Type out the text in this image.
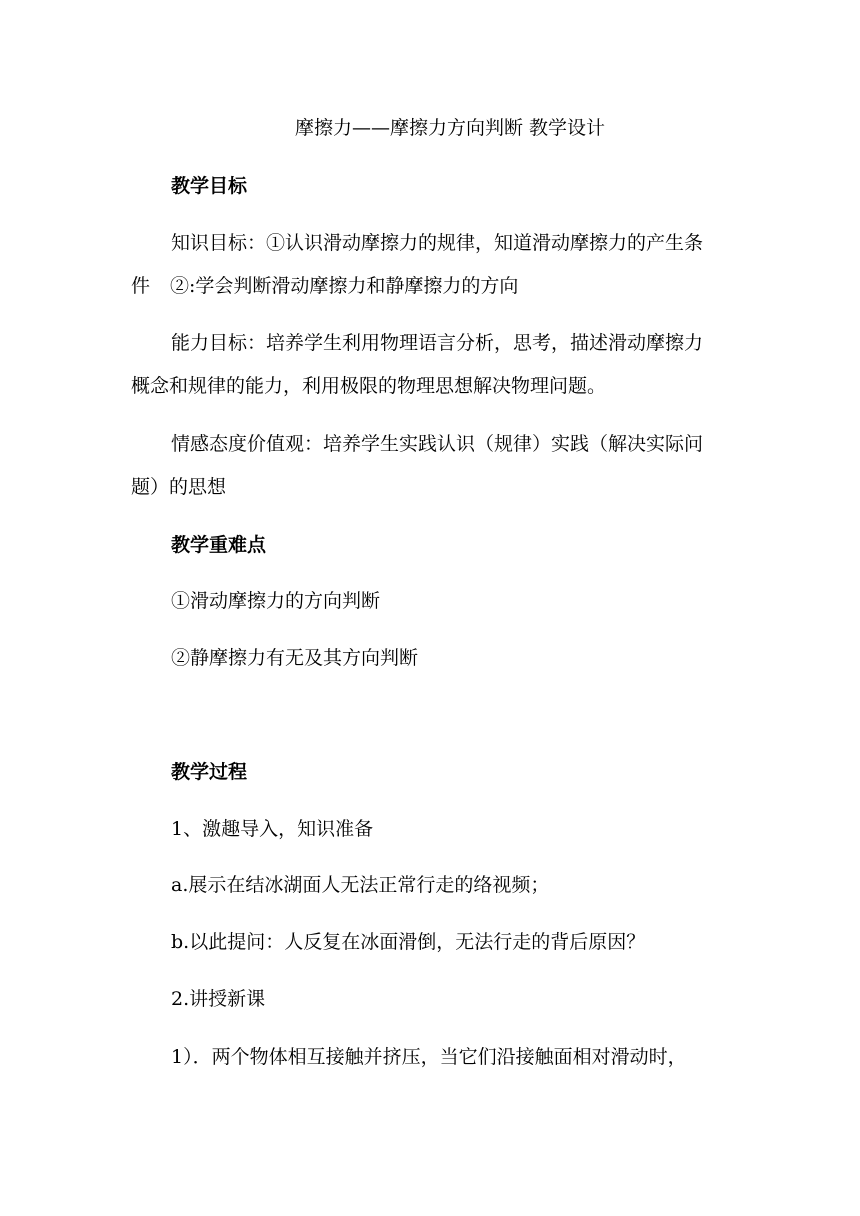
摩擦力——摩擦力方向判断 教学设计
教学目标
知识目标：①认识滑动摩擦力的规律，知道滑动摩擦力的产生条
件 ②:学会判断滑动摩擦力和静摩擦力的方向
能力目标：培养学生利用物理语言分析，思考，描述滑动摩擦力
概念和规律的能力，利用极限的物理思想解决物理问题。
情感态度价值观：培养学生实践认识（规律）实践（解决实际问
题）的思想
教学重难点
①滑动摩擦力的方向判断
②静摩擦力有无及其方向判断
教学过程
1、激趣导入，知识准备
a.展示在结冰湖面人无法正常行走的络视频；
b.以此提问：人反复在冰面滑倒，无法行走的背后原因？
2.讲授新课
1）．两个物体相互接触并挤压，当它们沿接触面相对滑动时，
